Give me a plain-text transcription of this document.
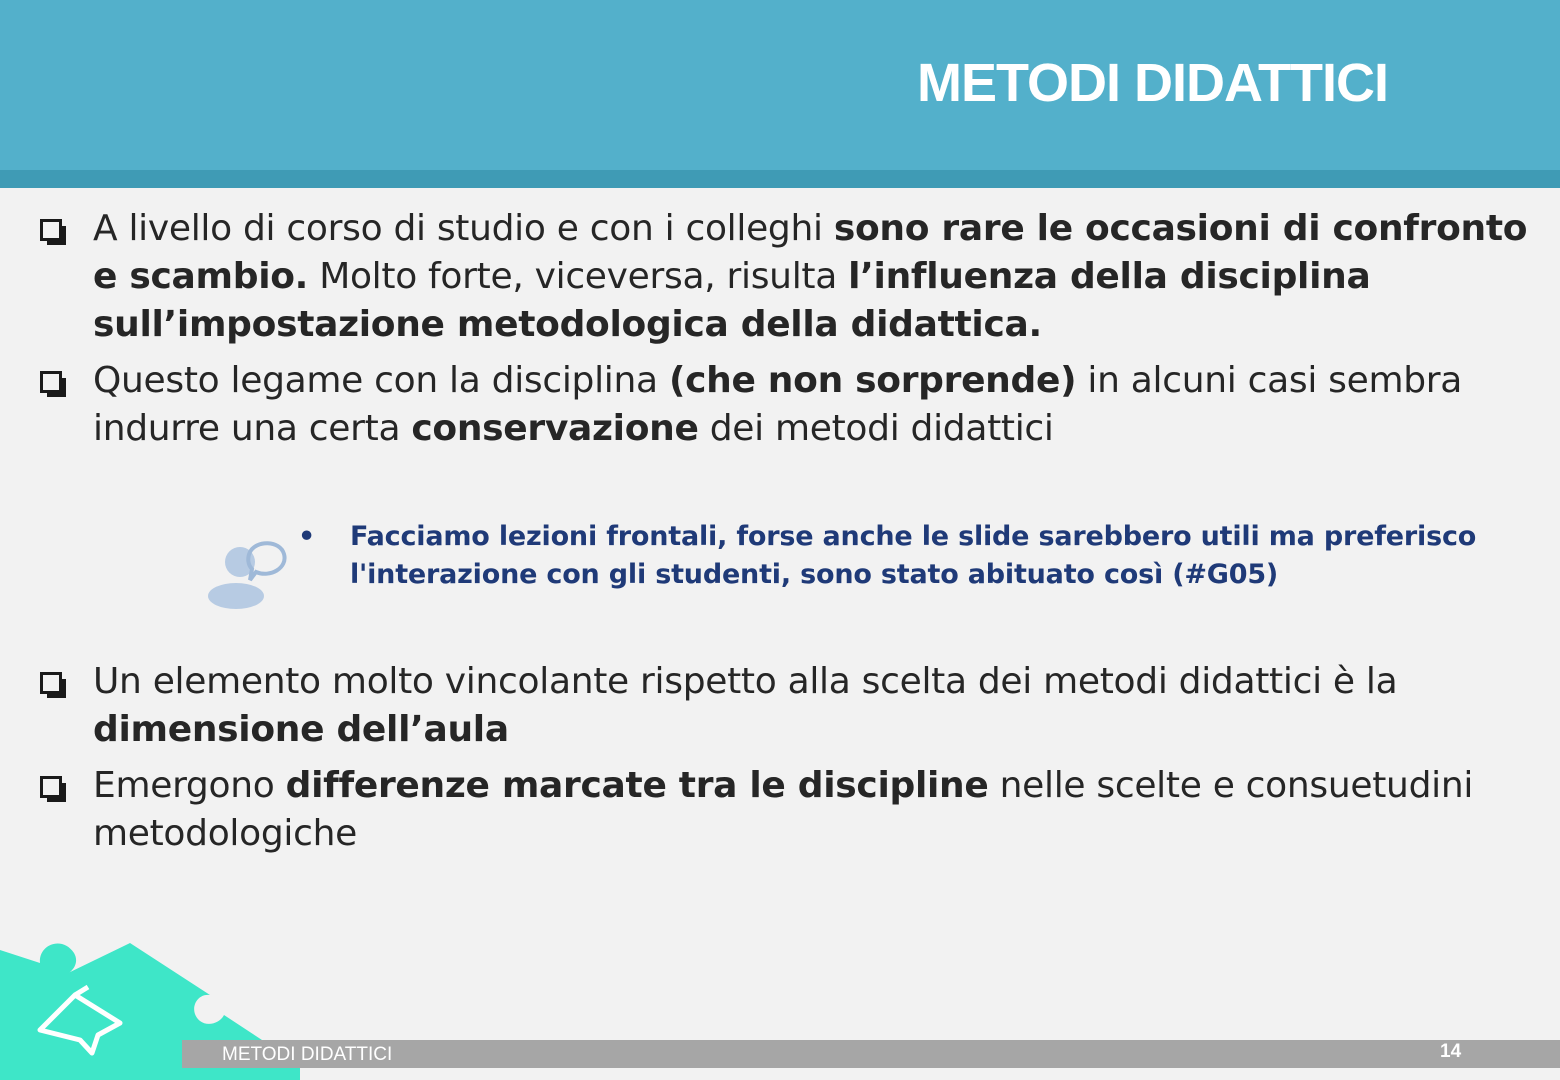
METODI DIDATTICI
A livello di corso di studio e con i colleghi sono rare le occasioni di confronto e scambio. Molto forte, viceversa, risulta l’influenza della disciplina sull’impostazione metodologica della didattica.
Questo legame con la disciplina (che non sorprende) in alcuni casi sembra indurre una certa conservazione dei metodi didattici
•	Facciamo lezioni frontali, forse anche le slide sarebbero utili ma preferisco l'interazione con gli studenti, sono stato abituato così (#G05)
Un elemento molto vincolante rispetto alla scelta dei metodi didattici è la dimensione dell’aula
Emergono differenze marcate tra le discipline nelle scelte e consuetudini metodologiche
METODI DIDATTICI	14
